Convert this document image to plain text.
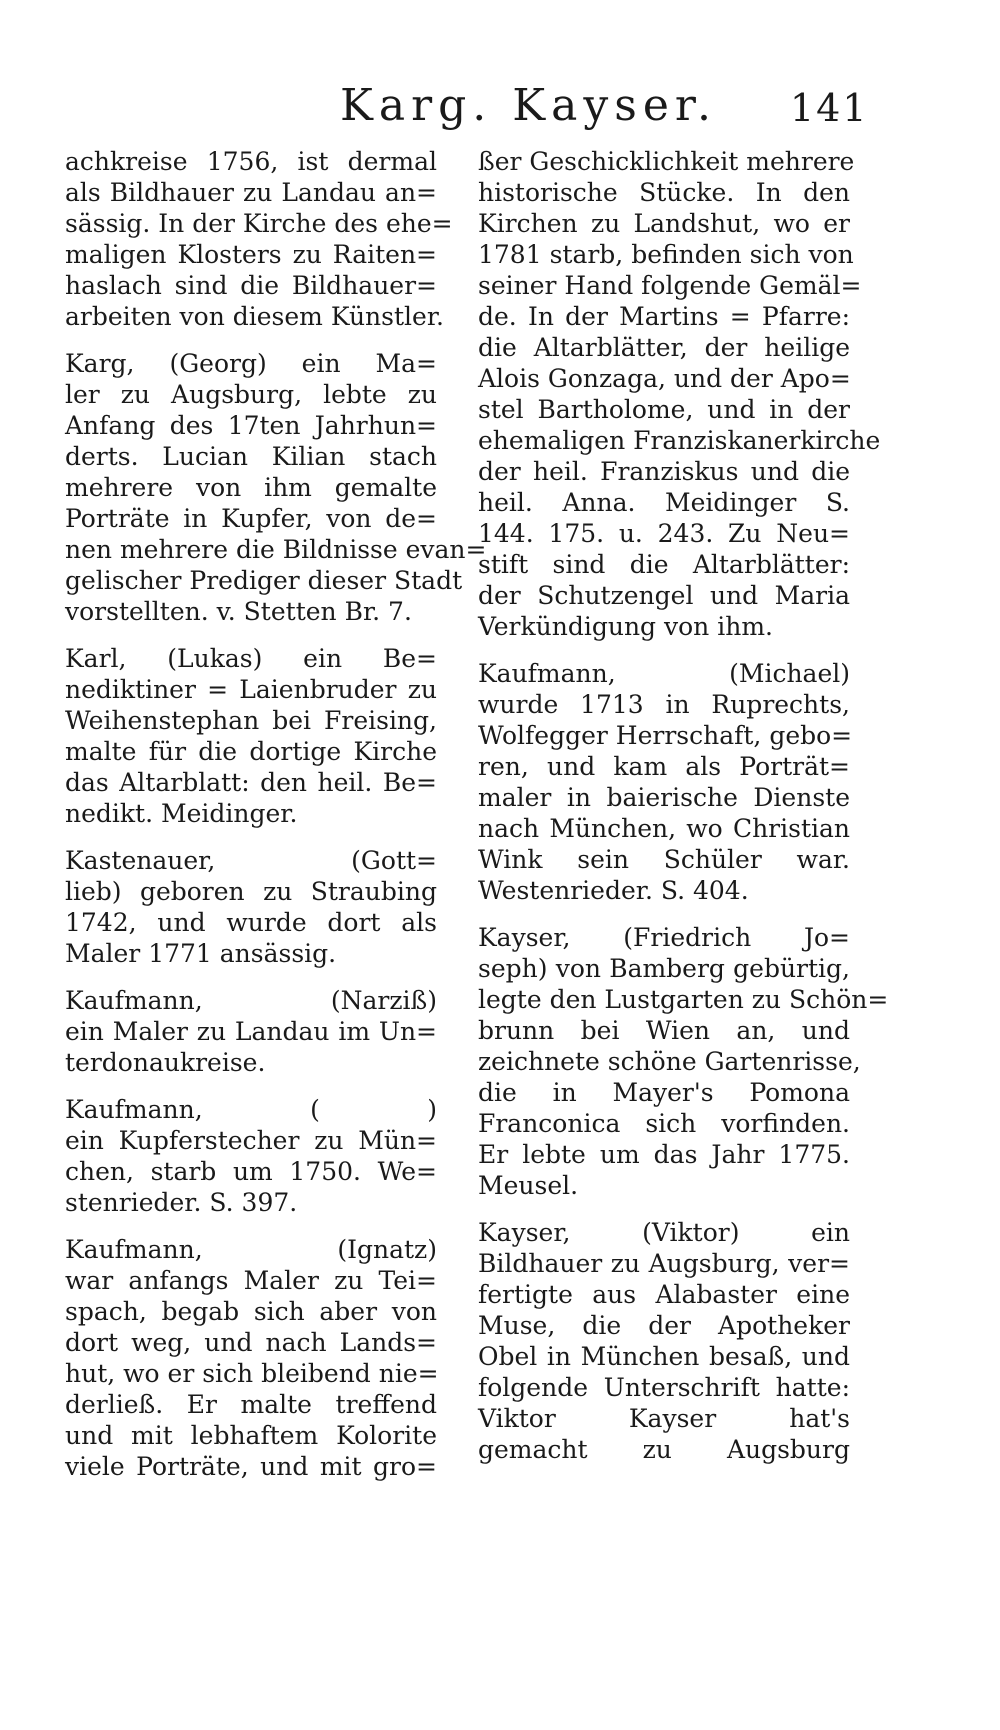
Karg. Kayser. 141
achkreise 1756, ist dermal
als Bildhauer zu Landau an=
sässig. In der Kirche des ehe=
maligen Klosters zu Raiten=
haslach sind die Bildhauer=
arbeiten von diesem Künstler.
Karg, (Georg) ein Ma=
ler zu Augsburg, lebte zu
Anfang des 17ten Jahrhun=
derts. Lucian Kilian stach
mehrere von ihm gemalte
Porträte in Kupfer, von de=
nen mehrere die Bildnisse evan=
gelischer Prediger dieser Stadt
vorstellten. v. Stetten Br. 7.
Karl, (Lukas) ein Be=
nediktiner = Laienbruder zu
Weihenstephan bei Freising,
malte für die dortige Kirche
das Altarblatt: den heil. Be=
nedikt. Meidinger.
Kastenauer, (Gott=
lieb) geboren zu Straubing
1742, und wurde dort als
Maler 1771 ansässig.
Kaufmann, (Narziß)
ein Maler zu Landau im Un=
terdonaukreise.
Kaufmann, ( )
ein Kupferstecher zu Mün=
chen, starb um 1750. We=
stenrieder. S. 397.
Kaufmann, (Ignatz)
war anfangs Maler zu Tei=
spach, begab sich aber von
dort weg, und nach Lands=
hut, wo er sich bleibend nie=
derließ. Er malte treffend
und mit lebhaftem Kolorite
viele Porträte, und mit gro=
ßer Geschicklichkeit mehrere
historische Stücke. In den
Kirchen zu Landshut, wo er
1781 starb, befinden sich von
seiner Hand folgende Gemäl=
de. In der Martins = Pfarre:
die Altarblätter, der heilige
Alois Gonzaga, und der Apo=
stel Bartholome, und in der
ehemaligen Franziskanerkirche
der heil. Franziskus und die
heil. Anna. Meidinger S.
144. 175. u. 243. Zu Neu=
stift sind die Altarblätter:
der Schutzengel und Maria
Verkündigung von ihm.
Kaufmann, (Michael)
wurde 1713 in Ruprechts,
Wolfegger Herrschaft, gebo=
ren, und kam als Porträt=
maler in baierische Dienste
nach München, wo Christian
Wink sein Schüler war.
Westenrieder. S. 404.
Kayser, (Friedrich Jo=
seph) von Bamberg gebürtig,
legte den Lustgarten zu Schön=
brunn bei Wien an, und
zeichnete schöne Gartenrisse,
die in Mayer's Pomona
Franconica sich vorfinden.
Er lebte um das Jahr 1775.
Meusel.
Kayser, (Viktor) ein
Bildhauer zu Augsburg, ver=
fertigte aus Alabaster eine
Muse, die der Apotheker
Obel in München besaß, und
folgende Unterschrift hatte:
Viktor Kayser hat's
gemacht zu Augsburg
